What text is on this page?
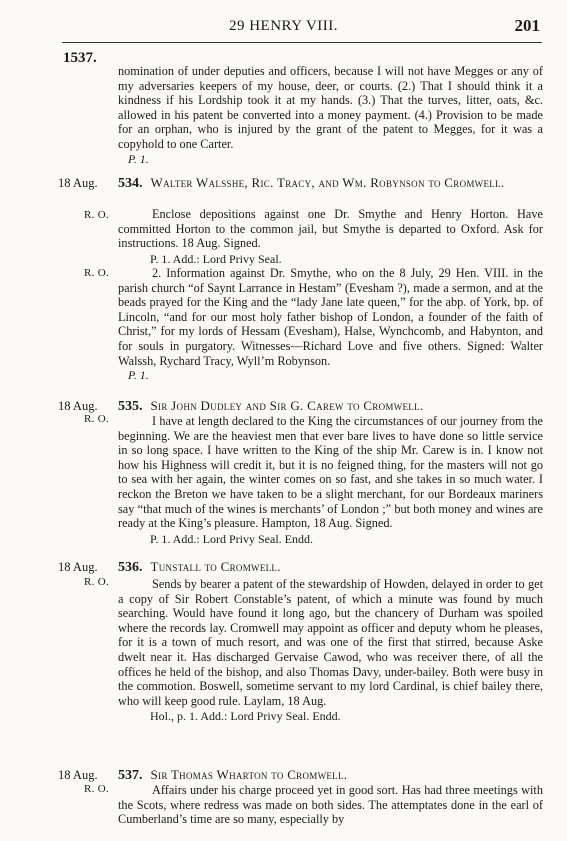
29 HENRY VIII.	201
1537.

nomination of under deputies and officers, because I will not have Megges or any of my adversaries keepers of my house, deer, or courts. (2.) That I should think it a kindness if his Lordship took it at my hands. (3.) That the turves, litter, oats, &c. allowed in his patent be converted into a money payment. (4.) Provision to be made for an orphan, who is injured by the grant of the patent to Megges, for it was a copyhold to one Carter.

P. 1.

18 Aug.
R. O.
534. Walter Walsshe, Ric. Tracy, and Wm. Robynson to Cromwell.

Enclose depositions against one Dr. Smythe and Henry Horton. Have committed Horton to the common jail, but Smythe is departed to Oxford. Ask for instructions. 18 Aug. Signed.

P. 1. Add.: Lord Privy Seal.

R. O.	2. Information against Dr. Smythe, who on the 8 July, 29 Hen. VIII. in the parish church “of Saynt Larrance in Hestam” (Evesham ?), made a sermon, and at the beads prayed for the King and the “lady Jane late queen,” for the abp. of York, bp. of Lincoln, “and for our most holy father bishop of London, a founder of the faith of Christ,” for my lords of Hessam (Evesham), Halse, Wynchcomb, and Habynton, and for souls in purgatory. Witnesses—Richard Love and five others. Signed: Walter Walssh, Rychard Tracy, Wyll’m Robynson.

P. 1.

18 Aug.
R. O.
535. Sir John Dudley and Sir G. Carew to Cromwell.

I have at length declared to the King the circumstances of our journey from the beginning. We are the heaviest men that ever bare lives to have done so little service in so long space. I have written to the King of the ship Mr. Carew is in. I know not how his Highness will credit it, but it is no feigned thing, for the masters will not go to sea with her again, the winter comes on so fast, and she takes in so much water. I reckon the Breton we have taken to be a slight merchant, for our Bordeaux mariners say “that much of the wines is merchants’ of London ;” but both money and wines are ready at the King’s pleasure. Hampton, 18 Aug. Signed.

P. 1. Add.: Lord Privy Seal. Endd.

18 Aug.
R. O.
536. Tunstall to Cromwell.

Sends by bearer a patent of the stewardship of Howden, delayed in order to get a copy of Sir Robert Constable’s patent, of which a minute was found by much searching. Would have found it long ago, but the chancery of Durham was spoiled where the records lay. Cromwell may appoint as officer and deputy whom he pleases, for it is a town of much resort, and was one of the first that stirred, because Aske dwelt near it. Has discharged Gervaise Cawod, who was receiver there, of all the offices he held of the bishop, and also Thomas Davy, under-bailey. Both were busy in the commotion. Boswell, sometime servant to my lord Cardinal, is chief bailey there, who will keep good rule. Laylam, 18 Aug.

Hol., p. 1. Add.: Lord Privy Seal. Endd.

18 Aug.
R. O.
537. Sir Thomas Wharton to Cromwell.

Affairs under his charge proceed yet in good sort. Has had three meetings with the Scots, where redress was made on both sides. The attemptates done in the earl of Cumberland’s time are so many, especially by
